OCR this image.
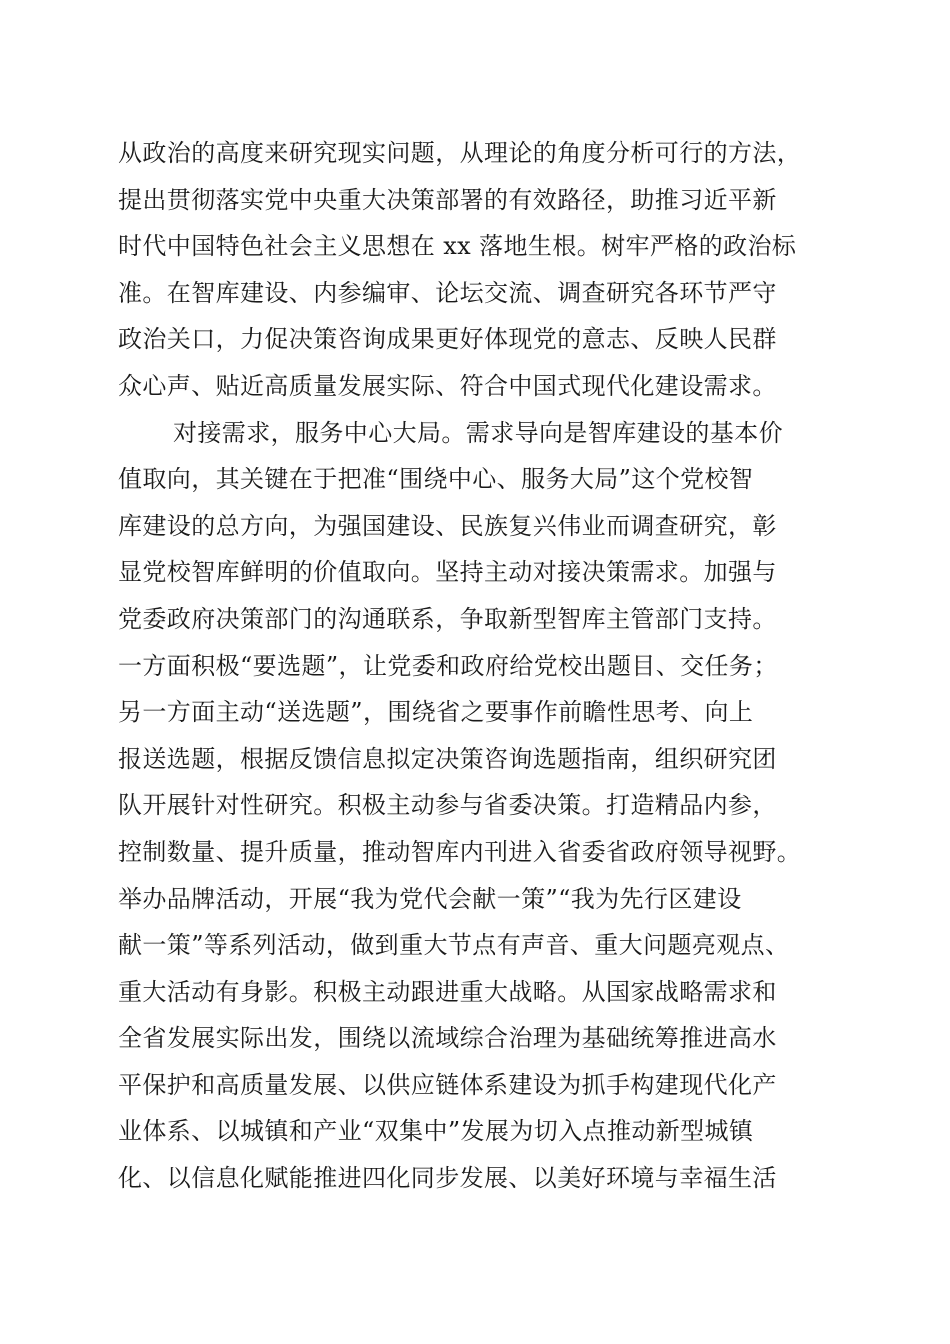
从政治的高度来研究现实问题，从理论的角度分析可行的方法，
提出贯彻落实党中央重大决策部署的有效路径，助推习近平新
时代中国特色社会主义思想在 xx 落地生根。树牢严格的政治标
准。在智库建设、内参编审、论坛交流、调查研究各环节严守
政治关口，力促决策咨询成果更好体现党的意志、反映人民群
众心声、贴近高质量发展实际、符合中国式现代化建设需求。
对接需求，服务中心大局。需求导向是智库建设的基本价
值取向，其关键在于把准“围绕中心、服务大局”这个党校智
库建设的总方向，为强国建设、民族复兴伟业而调查研究，彰
显党校智库鲜明的价值取向。坚持主动对接决策需求。加强与
党委政府决策部门的沟通联系，争取新型智库主管部门支持。
一方面积极“要选题”，让党委和政府给党校出题目、交任务；
另一方面主动“送选题”，围绕省之要事作前瞻性思考、向上
报送选题，根据反馈信息拟定决策咨询选题指南，组织研究团
队开展针对性研究。积极主动参与省委决策。打造精品内参，
控制数量、提升质量，推动智库内刊进入省委省政府领导视野。
举办品牌活动，开展“我为党代会献一策”“我为先行区建设
献一策”等系列活动，做到重大节点有声音、重大问题亮观点、
重大活动有身影。积极主动跟进重大战略。从国家战略需求和
全省发展实际出发，围绕以流域综合治理为基础统筹推进高水
平保护和高质量发展、以供应链体系建设为抓手构建现代化产
业体系、以城镇和产业“双集中”发展为切入点推动新型城镇
化、以信息化赋能推进四化同步发展、以美好环境与幸福生活
